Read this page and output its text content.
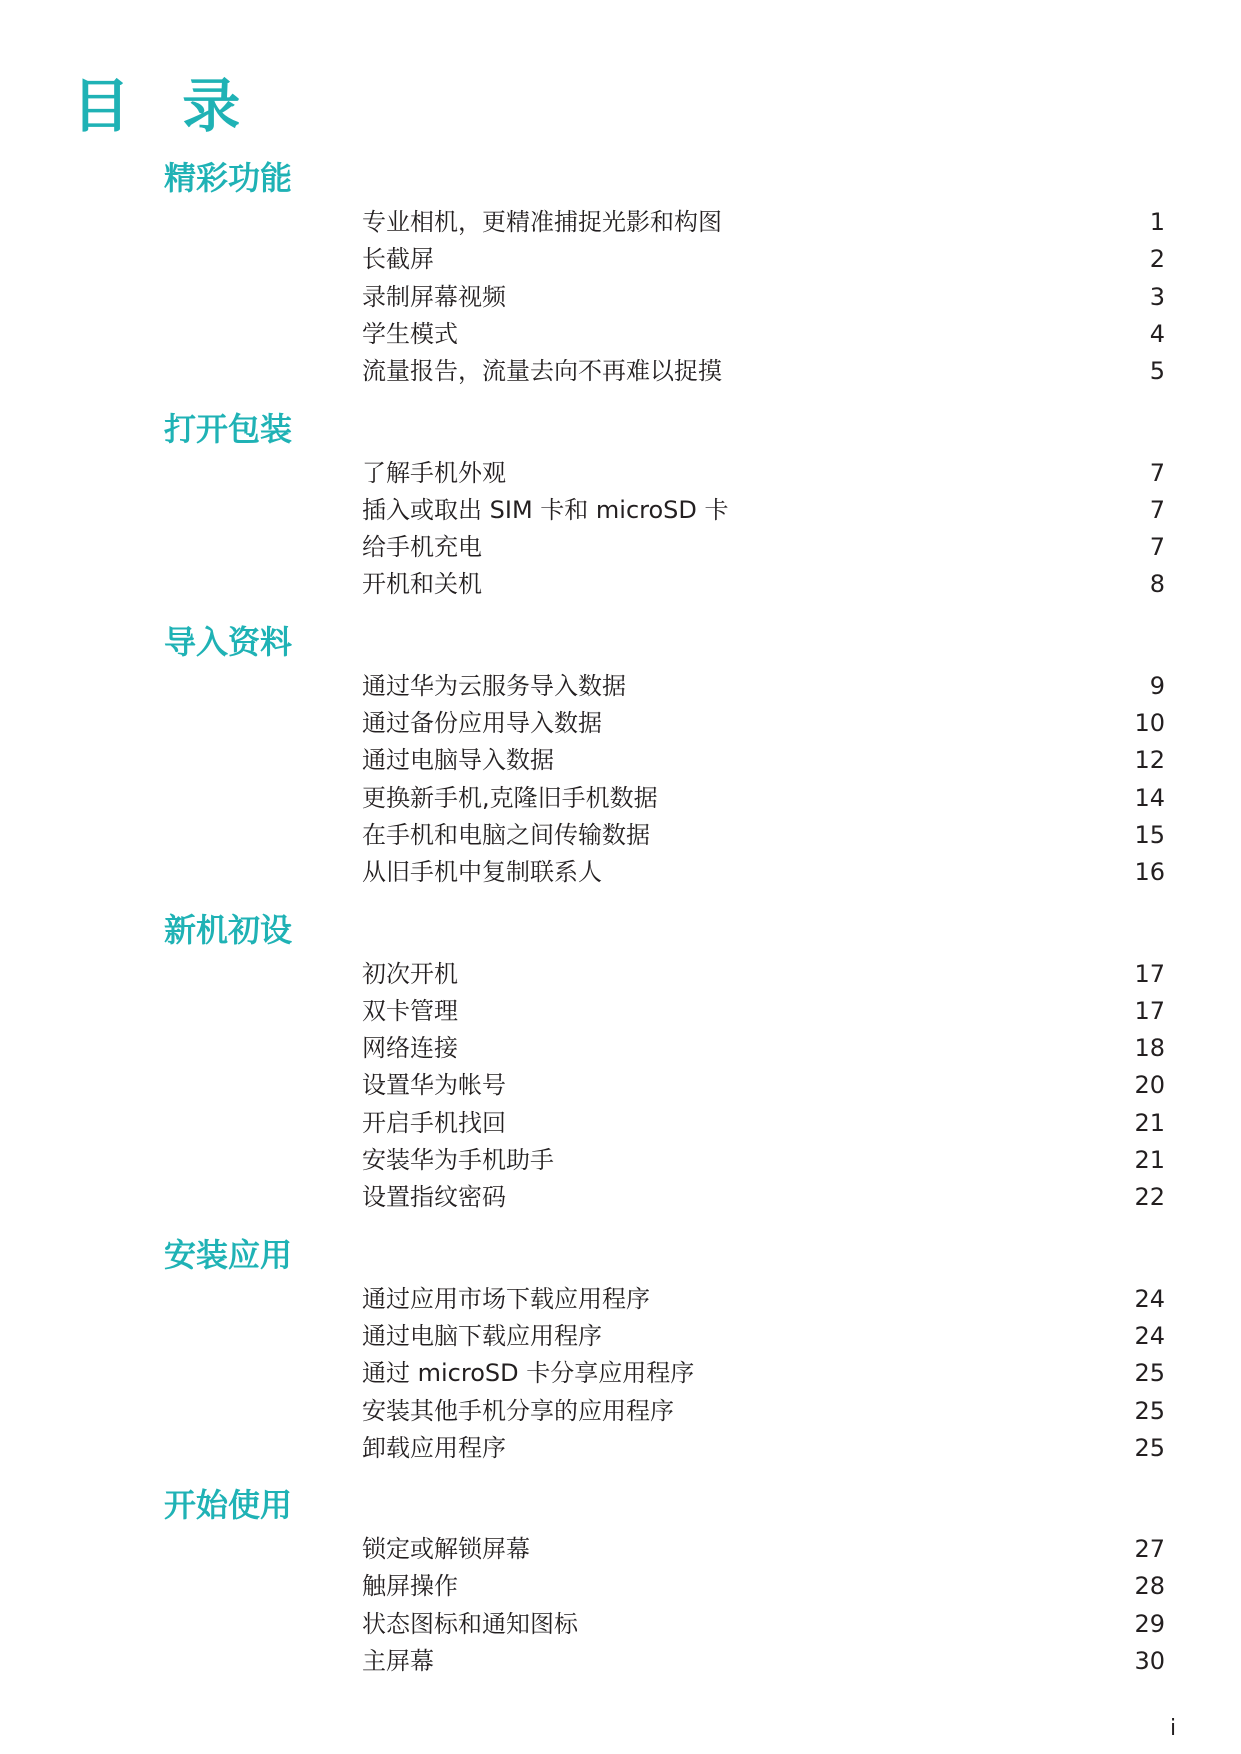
目 录
精彩功能
专业相机，更精准捕捉光影和构图	1
长截屏	2
录制屏幕视频	3
学生模式	4
流量报告，流量去向不再难以捉摸	5
打开包装
了解手机外观	7
插入或取出 SIM 卡和 microSD 卡	7
给手机充电	7
开机和关机	8
导入资料
通过华为云服务导入数据	9
通过备份应用导入数据	10
通过电脑导入数据	12
更换新手机,克隆旧手机数据	14
在手机和电脑之间传输数据	15
从旧手机中复制联系人	16
新机初设
初次开机	17
双卡管理	17
网络连接	18
设置华为帐号	20
开启手机找回	21
安装华为手机助手	21
设置指纹密码	22
安装应用
通过应用市场下载应用程序	24
通过电脑下载应用程序	24
通过 microSD 卡分享应用程序	25
安装其他手机分享的应用程序	25
卸载应用程序	25
开始使用
锁定或解锁屏幕	27
触屏操作	28
状态图标和通知图标	29
主屏幕	30
i
